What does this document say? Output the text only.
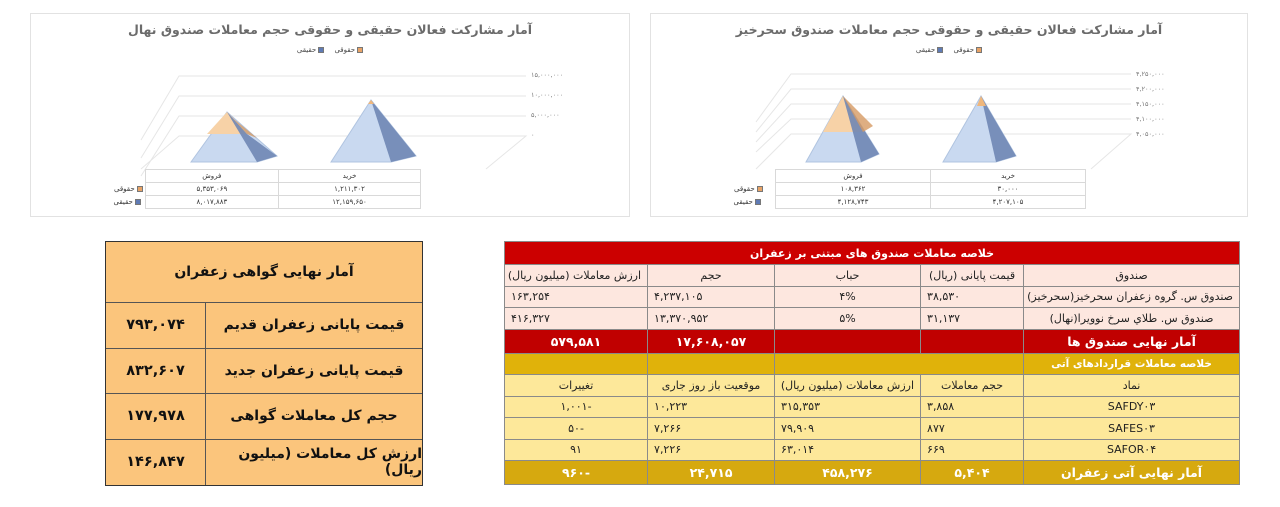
آمار مشارکت فعالان حقیقی و حقوقی حجم معاملات صندوق نهال
حقوقی حقیقی
۱۵,۰۰۰,۰۰۰
۱۰,۰۰۰,۰۰۰
۵,۰۰۰,۰۰۰
۰
خرید	فروش	
۱,۲۱۱,۳۰۲	۵,۳۵۳,۰۶۹	حقوقی
۱۲,۱۵۹,۶۵۰	۸,۰۱۷,۸۸۳	حقیقی
آمار مشارکت فعالان حقیقی و حقوقی حجم معاملات صندوق سحرخیز
حقوقی حقیقی
۴,۲۵۰,۰۰۰
۴,۲۰۰,۰۰۰
۴,۱۵۰,۰۰۰
۴,۱۰۰,۰۰۰
۴,۰۵۰,۰۰۰
خرید	فروش	
۳۰,۰۰۰	۱۰۸,۳۶۲	حقوقی
۴,۲۰۷,۱۰۵	۴,۱۲۸,۷۴۳	حقیقی
آمار نهایی گواهی زعفران
قیمت پایانی زعفران قدیم
۷۹۳,۰۷۴
قیمت پایانی زعفران جدید
۸۳۲,۶۰۷
حجم کل معاملات گواهی
۱۷۷,۹۷۸
ارزش کل معاملات (میلیون ریال)
۱۴۶,۸۴۷
خلاصه معاملات صندوق های مبتنی بر زعفران				
صندوق	قیمت پایانی (ریال)	حباب	حجم	ارزش معاملات (میلیون ریال)
صندوق س. گروه زعفران سحرخیز(سحرخیز)	۳۸,۵۳۰	۴%	۴,۲۳۷,۱۰۵	۱۶۳,۲۵۴
صندوق س. طلاي سرخ نوويرا(نهال)	۳۱,۱۳۷	۵%	۱۳,۳۷۰,۹۵۲	۴۱۶,۳۲۷
آمار نهایی صندوق ها			۱۷,۶۰۸,۰۵۷	۵۷۹,۵۸۱
خلاصه معاملات قراردادهای آتی				
نماد	حجم معاملات	ارزش معاملات (میلیون ریال)	موقعیت باز روز جاری	تغییرات
SAFDY۰۳	۳,۸۵۸	۳۱۵,۳۵۳	۱۰,۲۲۳	-۱,۰۰۱
SAFES۰۳	۸۷۷	۷۹,۹۰۹	۷,۲۶۶	-۵۰
SAFOR۰۴	۶۶۹	۶۳,۰۱۴	۷,۲۲۶	۹۱
آمار نهایی آتی زعفران	۵,۴۰۴	۴۵۸,۲۷۶	۲۴,۷۱۵	-۹۶۰
